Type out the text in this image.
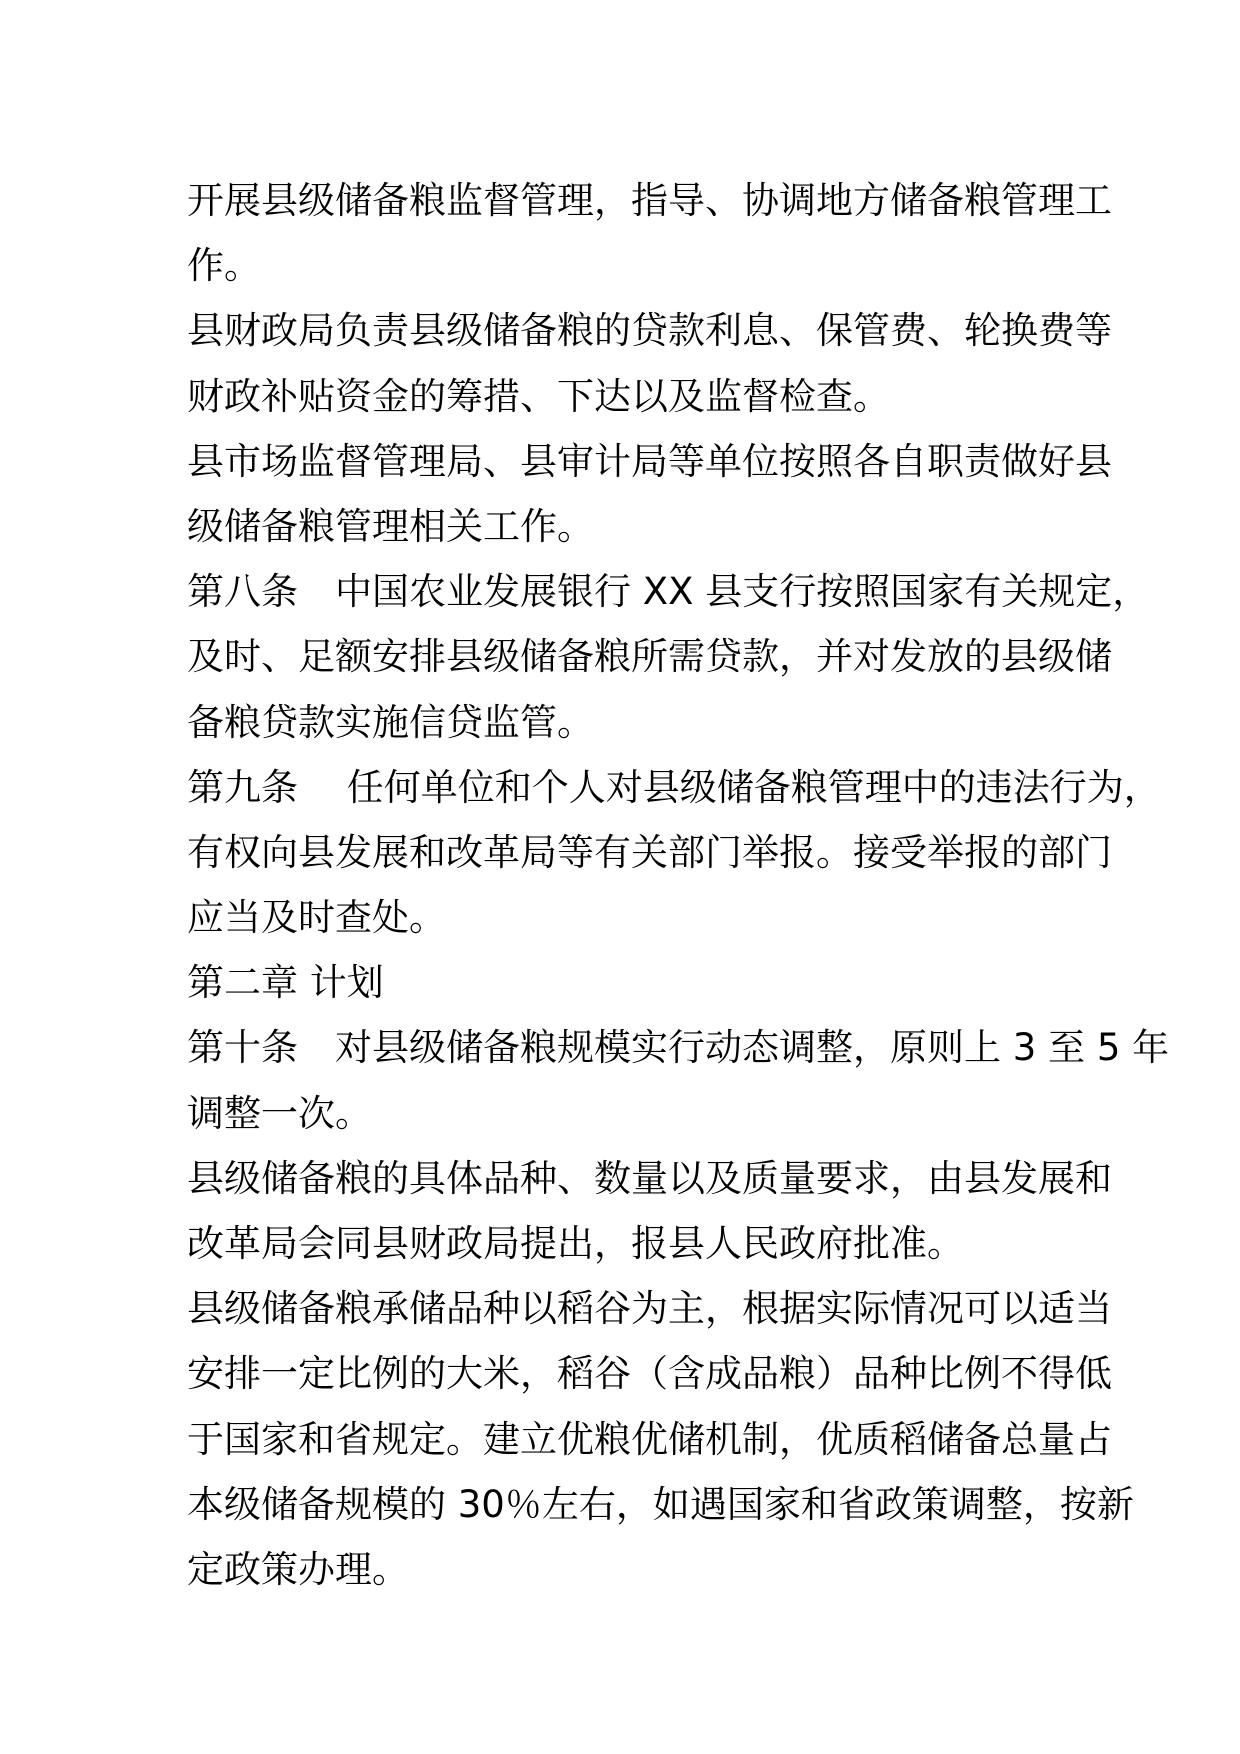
开展县级储备粮监督管理，指导、协调地方储备粮管理工
作。
县财政局负责县级储备粮的贷款利息、保管费、轮换费等
财政补贴资金的筹措、下达以及监督检查。
县市场监督管理局、县审计局等单位按照各自职责做好县
级储备粮管理相关工作。
第八条　中国农业发展银行 XX 县支行按照国家有关规定，
及时、足额安排县级储备粮所需贷款，并对发放的县级储
备粮贷款实施信贷监管。
第九条　 任何单位和个人对县级储备粮管理中的违法行为，
有权向县发展和改革局等有关部门举报。接受举报的部门
应当及时查处。
第二章 计划
第十条　对县级储备粮规模实行动态调整，原则上 3 至 5 年
调整一次。
县级储备粮的具体品种、数量以及质量要求，由县发展和
改革局会同县财政局提出，报县人民政府批准。
县级储备粮承储品种以稻谷为主，根据实际情况可以适当
安排一定比例的大米，稻谷（含成品粮）品种比例不得低
于国家和省规定。建立优粮优储机制，优质稻储备总量占
本级储备规模的 30％左右，如遇国家和省政策调整，按新
定政策办理。
